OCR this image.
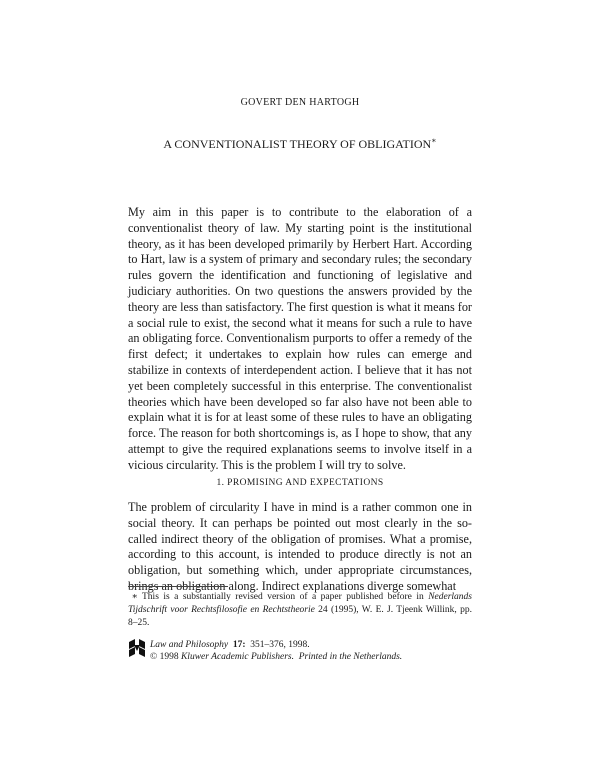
GOVERT DEN HARTOGH
A CONVENTIONALIST THEORY OF OBLIGATION∗
My aim in this paper is to contribute to the elaboration of a conventionalist theory of law. My starting point is the institutional theory, as it has been developed primarily by Herbert Hart. According to Hart, law is a system of primary and secondary rules; the secondary rules govern the identification and functioning of legislative and judiciary authorities. On two questions the answers provided by the theory are less than satisfactory. The first question is what it means for a social rule to exist, the second what it means for such a rule to have an obligating force. Conventionalism purports to offer a remedy of the first defect; it undertakes to explain how rules can emerge and stabilize in contexts of interdependent action. I believe that it has not yet been completely successful in this enterprise. The conventionalist theories which have been developed so far also have not been able to explain what it is for at least some of these rules to have an obligating force. The reason for both shortcomings is, as I hope to show, that any attempt to give the required explanations seems to involve itself in a vicious circularity. This is the problem I will try to solve.
1. PROMISING AND EXPECTATIONS
The problem of circularity I have in mind is a rather common one in social theory. It can perhaps be pointed out most clearly in the so-called indirect theory of the obligation of promises. What a promise, according to this account, is intended to produce directly is not an obligation, but something which, under appropriate circumstances, brings an obligation along. Indirect explanations diverge somewhat
∗ This is a substantially revised version of a paper published before in Nederlands Tijdschrift voor Rechtsfilosofie en Rechtstheorie 24 (1995), W. E. J. Tjeenk Willink, pp. 8–25.
Law and Philosophy 17: 351–376, 1998.
© 1998 Kluwer Academic Publishers. Printed in the Netherlands.
